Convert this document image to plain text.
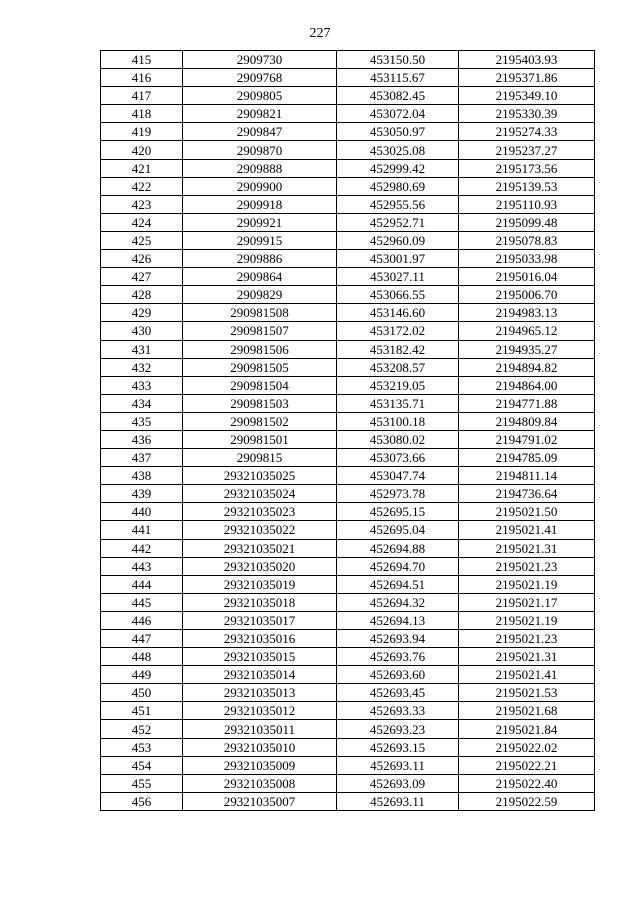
227
415	2909730	453150.50	2195403.93
416	2909768	453115.67	2195371.86
417	2909805	453082.45	2195349.10
418	2909821	453072.04	2195330.39
419	2909847	453050.97	2195274.33
420	2909870	453025.08	2195237.27
421	2909888	452999.42	2195173.56
422	2909900	452980.69	2195139.53
423	2909918	452955.56	2195110.93
424	2909921	452952.71	2195099.48
425	2909915	452960.09	2195078.83
426	2909886	453001.97	2195033.98
427	2909864	453027.11	2195016.04
428	2909829	453066.55	2195006.70
429	290981508	453146.60	2194983.13
430	290981507	453172.02	2194965.12
431	290981506	453182.42	2194935.27
432	290981505	453208.57	2194894.82
433	290981504	453219.05	2194864.00
434	290981503	453135.71	2194771.88
435	290981502	453100.18	2194809.84
436	290981501	453080.02	2194791.02
437	2909815	453073.66	2194785.09
438	29321035025	453047.74	2194811.14
439	29321035024	452973.78	2194736.64
440	29321035023	452695.15	2195021.50
441	29321035022	452695.04	2195021.41
442	29321035021	452694.88	2195021.31
443	29321035020	452694.70	2195021.23
444	29321035019	452694.51	2195021.19
445	29321035018	452694.32	2195021.17
446	29321035017	452694.13	2195021.19
447	29321035016	452693.94	2195021.23
448	29321035015	452693.76	2195021.31
449	29321035014	452693.60	2195021.41
450	29321035013	452693.45	2195021.53
451	29321035012	452693.33	2195021.68
452	29321035011	452693.23	2195021.84
453	29321035010	452693.15	2195022.02
454	29321035009	452693.11	2195022.21
455	29321035008	452693.09	2195022.40
456	29321035007	452693.11	2195022.59
